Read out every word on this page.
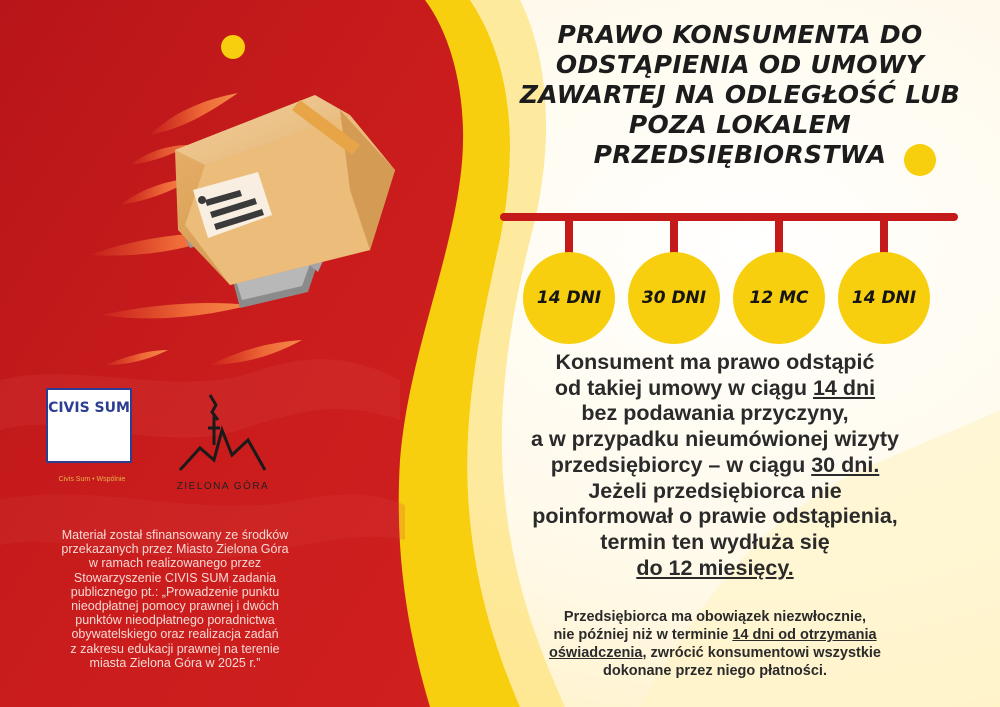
PRAWO KONSUMENTA DO
ODSTĄPIENIA OD UMOWY
ZAWARTEJ NA ODLEGŁOŚĆ LUB
POZA LOKALEM
PRZEDSIĘBIORSTWA
14 DNI	30 DNI	12 MC	14 DNI
Konsument ma prawo odstąpić
od takiej umowy w ciągu 14 dni
bez podawania przyczyny,
a w przypadku nieumówionej wizyty
przedsiębiorcy – w ciągu 30 dni.
Jeżeli przedsiębiorca nie
poinformował o prawie odstąpienia,
termin ten wydłuża się
do 12 miesięcy.
Przedsiębiorca ma obowiązek niezwłocznie,
nie później niż w terminie 14 dni od otrzymania
oświadczenia, zwrócić konsumentowi wszystkie
dokonane przez niego płatności.
CIVIS SUM
Civis Sum • Wspólnie
ZIELONA GÓRA
Materiał został sfinansowany ze środków
przekazanych przez Miasto Zielona Góra
w ramach realizowanego przez
Stowarzyszenie CIVIS SUM zadania
publicznego pt.: „Prowadzenie punktu
nieodpłatnej pomocy prawnej i dwóch
punktów nieodpłatnego poradnictwa
obywatelskiego oraz realizacja zadań
z zakresu edukacji prawnej na terenie
miasta Zielona Góra w 2025 r.”
